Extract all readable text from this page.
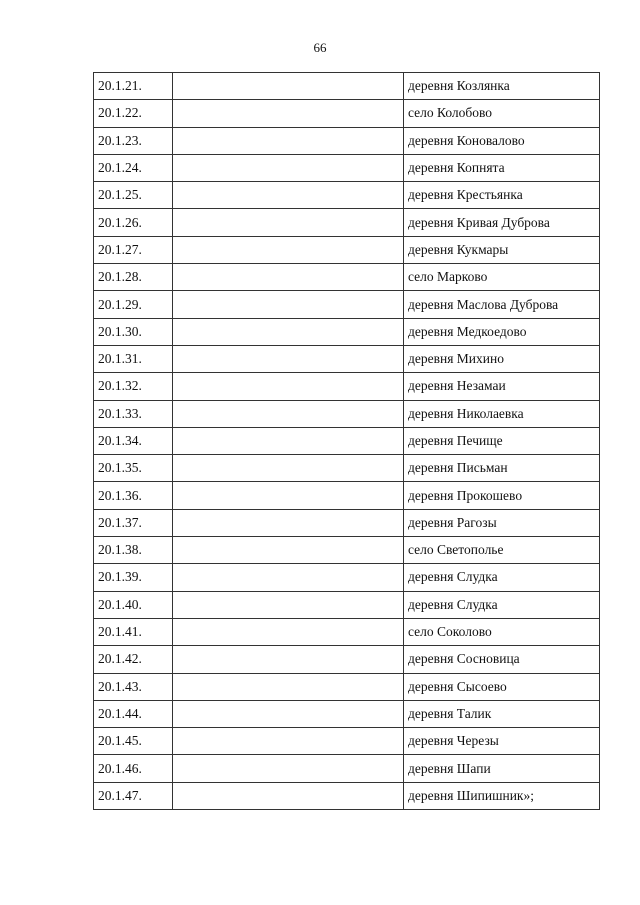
66
20.1.21.		деревня Козлянка
20.1.22.		село Колобово
20.1.23.		деревня Коновалово
20.1.24.		деревня Копнята
20.1.25.		деревня Крестьянка
20.1.26.		деревня Кривая Дуброва
20.1.27.		деревня Кукмары
20.1.28.		село Марково
20.1.29.		деревня Маслова Дуброва
20.1.30.		деревня Медкоедово
20.1.31.		деревня Михино
20.1.32.		деревня Незамаи
20.1.33.		деревня Николаевка
20.1.34.		деревня Печище
20.1.35.		деревня Письман
20.1.36.		деревня Прокошево
20.1.37.		деревня Рагозы
20.1.38.		село Светополье
20.1.39.		деревня Слудка
20.1.40.		деревня Слудка
20.1.41.		село Соколово
20.1.42.		деревня Сосновица
20.1.43.		деревня Сысоево
20.1.44.		деревня Талик
20.1.45.		деревня Черезы
20.1.46.		деревня Шапи
20.1.47.		деревня Шипишник»;
